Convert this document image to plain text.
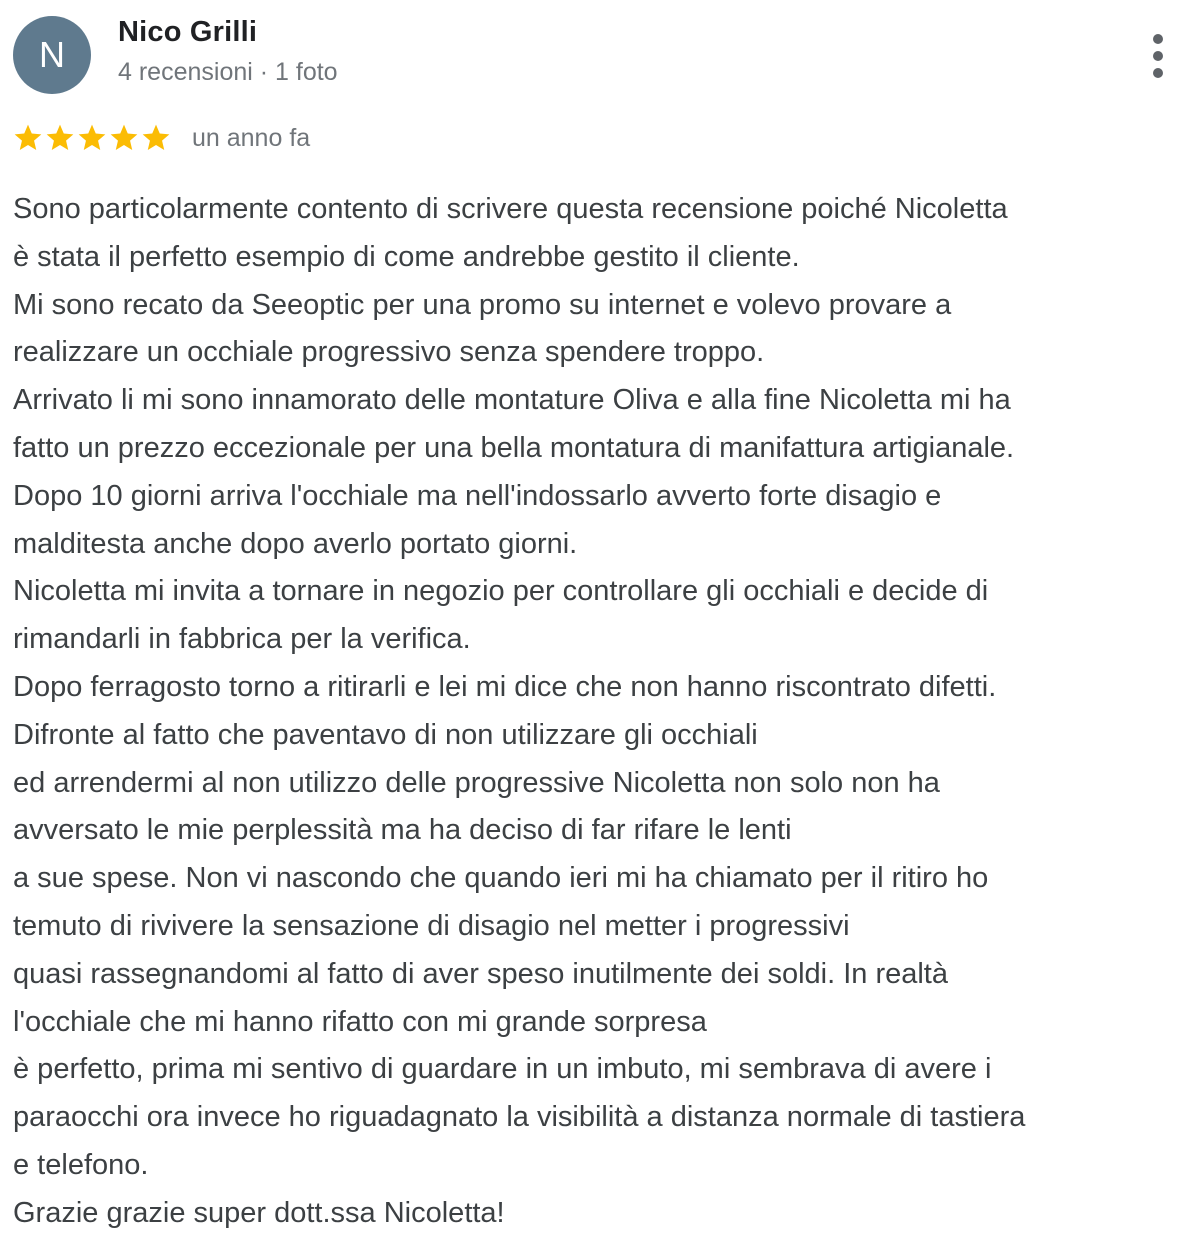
N
Nico Grilli
4 recensioni · 1 foto
un anno fa
Sono particolarmente contento di scrivere questa recensione poiché Nicoletta
è stata il perfetto esempio di come andrebbe gestito il cliente.
Mi sono recato da Seeoptic per una promo su internet e volevo provare a
realizzare un occhiale progressivo senza spendere troppo.
Arrivato li mi sono innamorato delle montature Oliva e alla fine Nicoletta mi ha
fatto un prezzo eccezionale per una bella montatura di manifattura artigianale.
Dopo 10 giorni arriva l'occhiale ma nell'indossarlo avverto forte disagio e
malditesta anche dopo averlo portato giorni.
Nicoletta mi invita a tornare in negozio per controllare gli occhiali e decide di
rimandarli in fabbrica per la verifica.
Dopo ferragosto torno a ritirarli e lei mi dice che non hanno riscontrato difetti.
Difronte al fatto che paventavo di non utilizzare gli occhiali
ed arrendermi al non utilizzo delle progressive Nicoletta non solo non ha
avversato le mie perplessità ma ha deciso di far rifare le lenti
a sue spese. Non vi nascondo che quando ieri mi ha chiamato per il ritiro ho
temuto di rivivere la sensazione di disagio nel metter i progressivi
quasi rassegnandomi al fatto di aver speso inutilmente dei soldi. In realtà
l'occhiale che mi hanno rifatto con mi grande sorpresa
è perfetto, prima mi sentivo di guardare in un imbuto, mi sembrava di avere i
paraocchi ora invece ho riguadagnato la visibilità a distanza normale di tastiera
e telefono.
Grazie grazie super dott.ssa Nicoletta!
